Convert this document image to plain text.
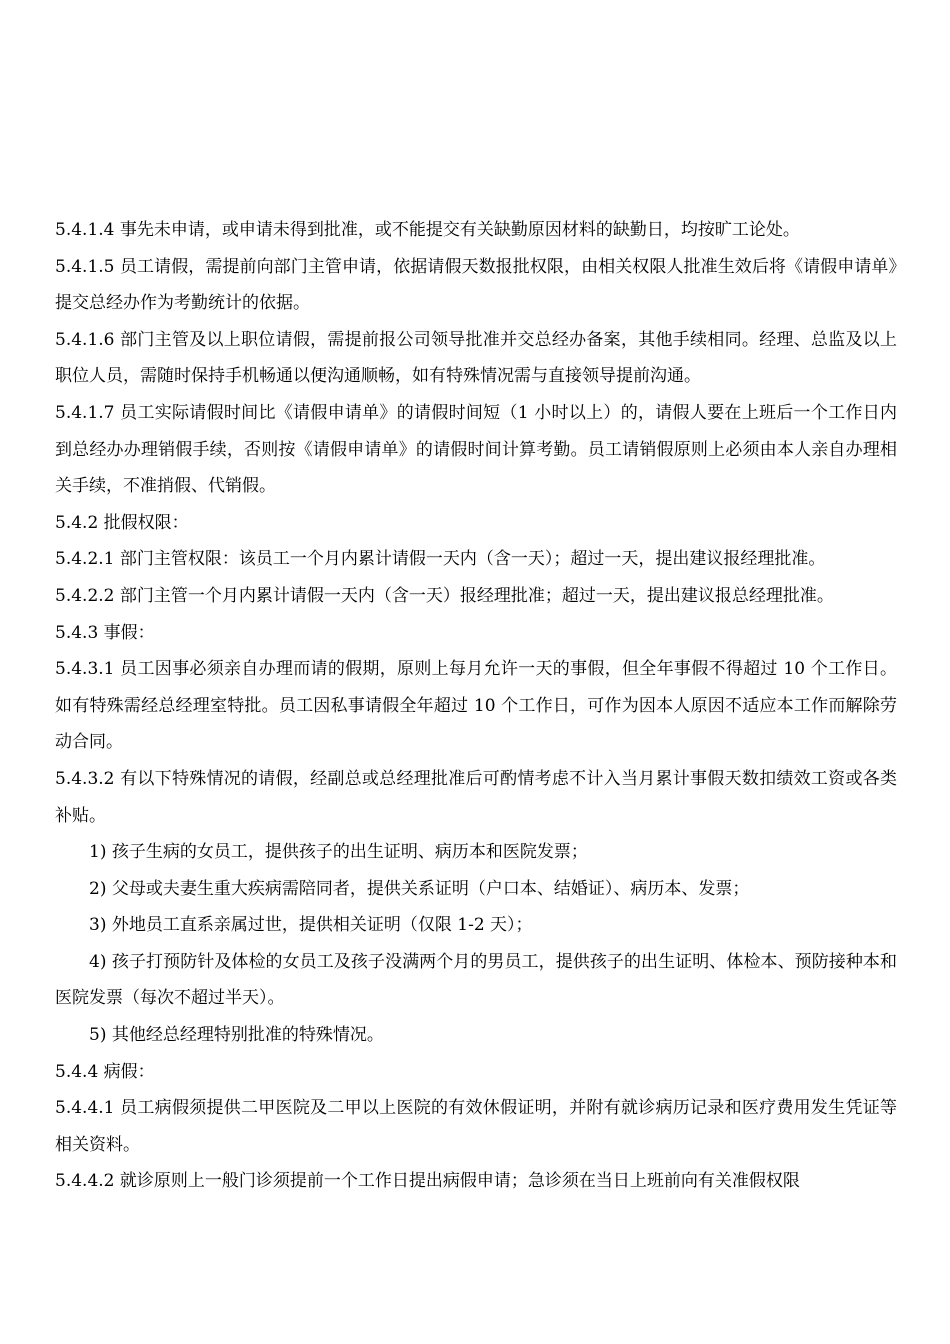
5.4.1.4 事先未申请，或申请未得到批准，或不能提交有关缺勤原因材料的缺勤日，均按旷工论处。

5.4.1.5 员工请假，需提前向部门主管申请，依据请假天数报批权限，由相关权限人批准生效后将《请假申请单》提交总经办作为考勤统计的依据。

5.4.1.6 部门主管及以上职位请假，需提前报公司领导批准并交总经办备案，其他手续相同。经理、总监及以上职位人员，需随时保持手机畅通以便沟通顺畅，如有特殊情况需与直接领导提前沟通。

5.4.1.7 员工实际请假时间比《请假申请单》的请假时间短（1 小时以上）的，请假人要在上班后一个工作日内到总经办办理销假手续，否则按《请假申请单》的请假时间计算考勤。员工请销假原则上必须由本人亲自办理相关手续，不准捎假、代销假。

5.4.2 批假权限：

5.4.2.1 部门主管权限：该员工一个月内累计请假一天内（含一天）；超过一天，提出建议报经理批准。

5.4.2.2 部门主管一个月内累计请假一天内（含一天）报经理批准；超过一天，提出建议报总经理批准。

5.4.3 事假：

5.4.3.1 员工因事必须亲自办理而请的假期，原则上每月允许一天的事假，但全年事假不得超过 10 个工作日。如有特殊需经总经理室特批。员工因私事请假全年超过 10 个工作日，可作为因本人原因不适应本工作而解除劳动合同。

5.4.3.2 有以下特殊情况的请假，经副总或总经理批准后可酌情考虑不计入当月累计事假天数扣绩效工资或各类补贴。

1) 孩子生病的女员工，提供孩子的出生证明、病历本和医院发票；

2) 父母或夫妻生重大疾病需陪同者，提供关系证明（户口本、结婚证）、病历本、发票；

3) 外地员工直系亲属过世，提供相关证明（仅限 1-2 天）；

4) 孩子打预防针及体检的女员工及孩子没满两个月的男员工，提供孩子的出生证明、体检本、预防接种本和医院发票（每次不超过半天）。

5) 其他经总经理特别批准的特殊情况。

5.4.4 病假：

5.4.4.1 员工病假须提供二甲医院及二甲以上医院的有效休假证明，并附有就诊病历记录和医疗费用发生凭证等相关资料。

5.4.4.2 就诊原则上一般门诊须提前一个工作日提出病假申请；急诊须在当日上班前向有关准假权限
